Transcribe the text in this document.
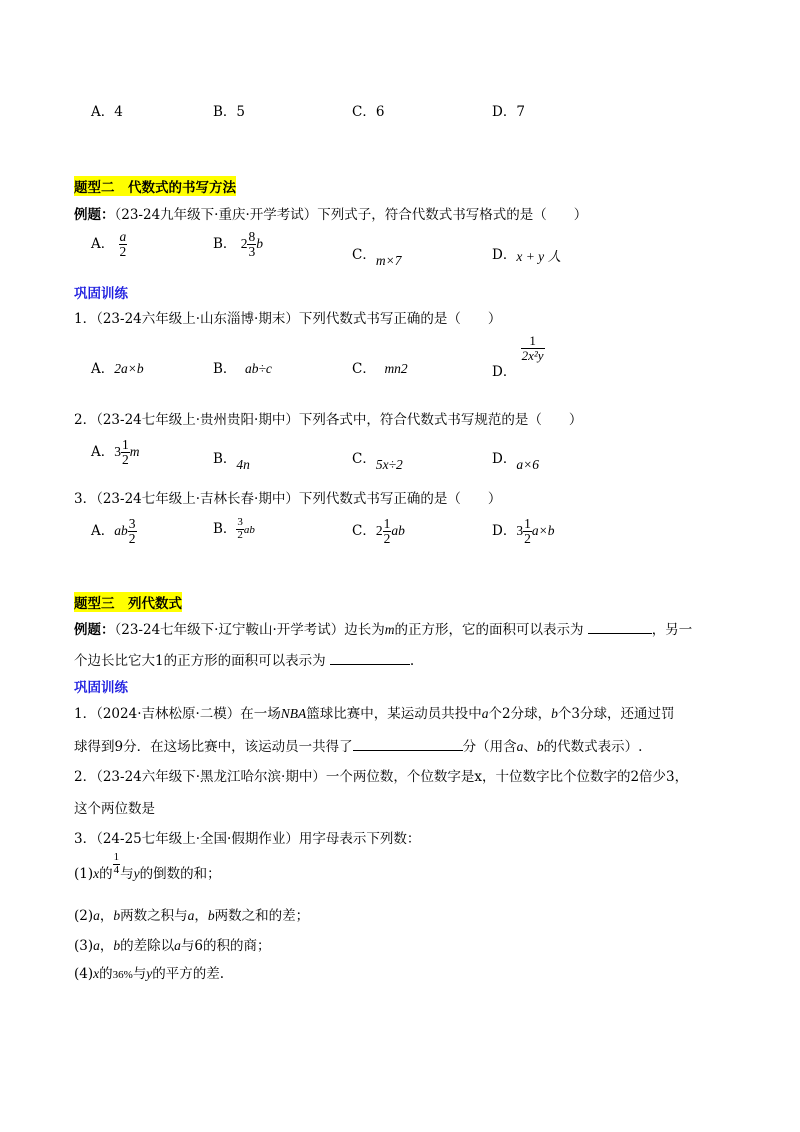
A．4	B．5	C．6	D．7
题型二　代数式的书写方法
例题：（23-24九年级下·重庆·开学考试）下列式子，符合代数式书写格式的是（　　）
A． $\frac{a}{2}$	B． $2 \frac{8}{3}$ b
C．m×7	D．x + y 人
巩固训练
1．（23-24六年级上·山东淄博·期末）下列代数式书写正确的是（　　）
A．2a×b	B． ab÷c	C． mn2	D．
$\frac{1}{\text{2x²y}}$
2．（23-24七年级上·贵州贵阳·期中）下列各式中，符合代数式书写规范的是（　　）
A．$3 \frac{1}{2}$ m	B．4n	C．5x÷2	D．a×6
3．（23-24七年级上·吉林长春·期中）下列代数式书写正确的是（　　）
A．ab $\frac{3}{2}$	B． $\frac{3}{2}$ ab	C．$2 \frac{1}{2}$ ab	D．$3 \frac{1}{2} a\times b$
题型三　列代数式
例题：（23-24七年级下·辽宁鞍山·开学考试）边长为m的正方形，它的面积可以表示为	，另一
个边长比它大1的正方形的面积可以表示为	.
巩固训练
1．（2024·吉林松原·二模）在一场NBA篮球比赛中，某运动员共投中a个2分球，b个3分球，还通过罚
球得到9分．在这场比赛中，该运动员一共得了	分（用含a、b的代数式表示）.
2．（23-24六年级下·黑龙江哈尔滨·期中）一个两位数，个位数字是x，十位数字比个位数字的2倍少3，
这个两位数是
3．（24-25七年级上·全国·假期作业）用字母表示下列数：
(1)x的 $\frac{1}{4}$ 与y的倒数的和；
(2)a，b两数之积与a，b两数之和的差；
(3)a，b的差除以a与6的积的商；
(4)x的36%与y的平方的差.
